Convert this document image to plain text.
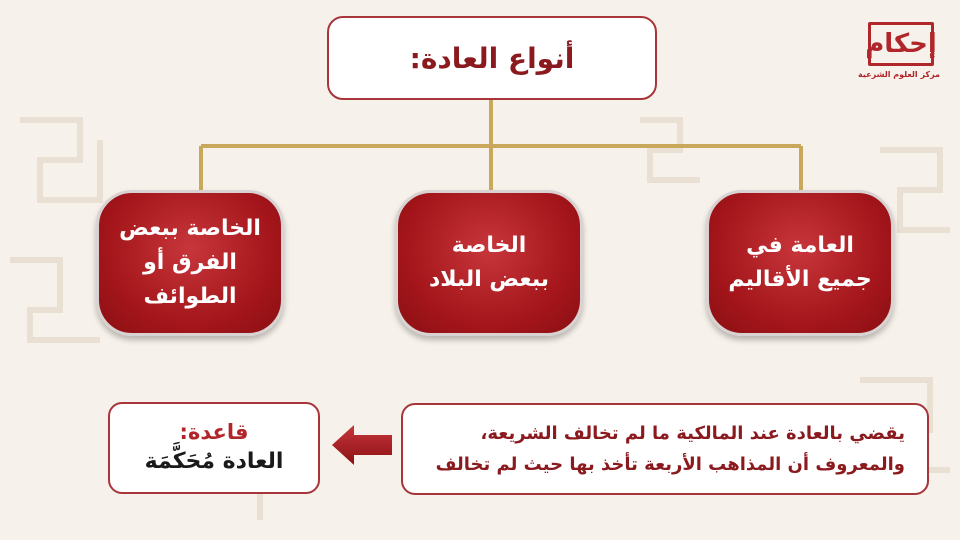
إحكام
مركز العلوم الشرعية
أنواع العادة:
العامة في
جميع الأقاليم
الخاصة
ببعض البلاد
الخاصة ببعض
الفرق أو
الطوائف
يقضي بالعادة عند المالكية ما لم تخالف الشريعة،
والمعروف أن المذاهب الأربعة تأخذ بها حيث لم تخالف
قاعدة:
العادة مُحَكَّمَة
